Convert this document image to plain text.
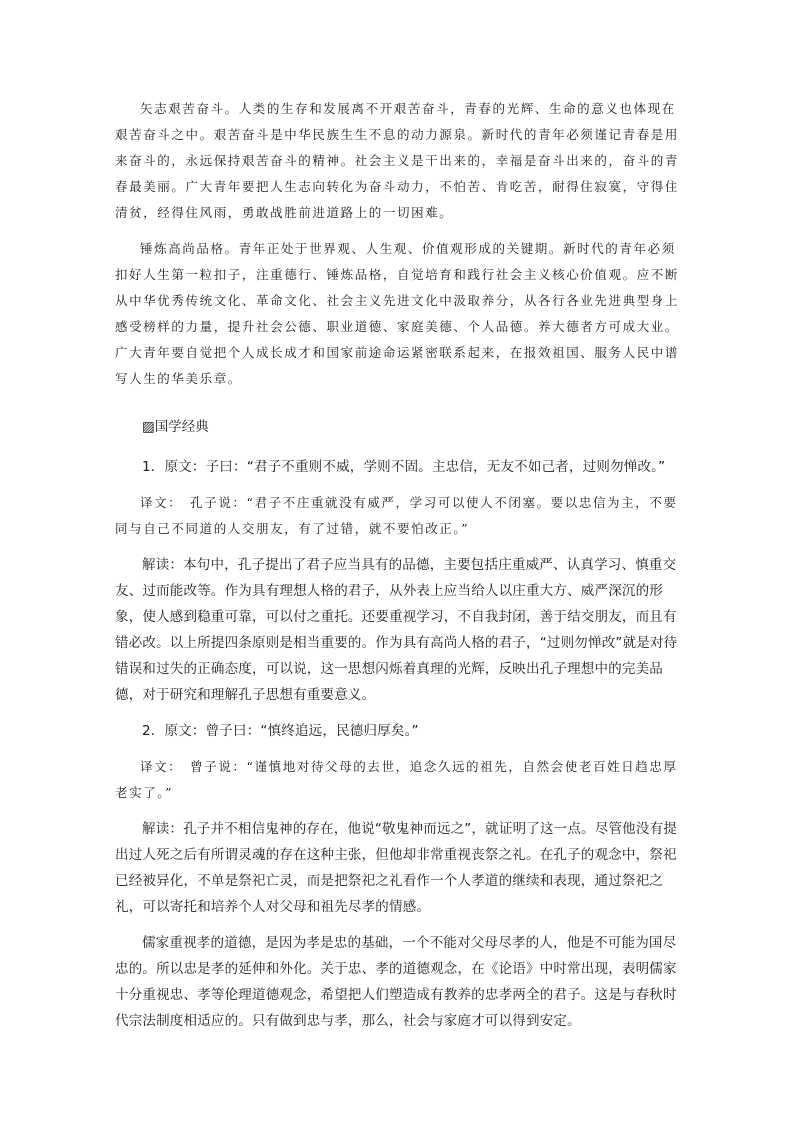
矢志艰苦奋斗。人类的生存和发展离不开艰苦奋斗，青春的光辉、生命的意义也体现在艰苦奋斗之中。艰苦奋斗是中华民族生生不息的动力源泉。新时代的青年必须谨记青春是用来奋斗的，永远保持艰苦奋斗的精神。社会主义是干出来的，幸福是奋斗出来的，奋斗的青春最美丽。广大青年要把人生志向转化为奋斗动力，不怕苦、肯吃苦，耐得住寂寞，守得住清贫，经得住风雨，勇敢战胜前进道路上的一切困难。

锤炼高尚品格。青年正处于世界观、人生观、价值观形成的关键期。新时代的青年必须扣好人生第一粒扣子，注重德行、锤炼品格，自觉培育和践行社会主义核心价值观。应不断从中华优秀传统文化、革命文化、社会主义先进文化中汲取养分，从各行各业先进典型身上感受榜样的力量，提升社会公德、职业道德、家庭美德、个人品德。养大德者方可成大业。广大青年要自觉把个人成长成才和国家前途命运紧密联系起来，在报效祖国、服务人民中谱写人生的华美乐章。

▨国学经典

1．原文：子曰：“君子不重则不威，学则不固。主忠信，无友不如己者，过则勿惮改。”

译文：　孔子说：“君子不庄重就没有威严，学习可以使人不闭塞。要以忠信为主，不要同与自己不同道的人交朋友，有了过错，就不要怕改正。”

解读：本句中，孔子提出了君子应当具有的品德，主要包括庄重威严、认真学习、慎重交友、过而能改等。作为具有理想人格的君子，从外表上应当给人以庄重大方、威严深沉的形象，使人感到稳重可靠，可以付之重托。还要重视学习，不自我封闭，善于结交朋友，而且有错必改。以上所提四条原则是相当重要的。作为具有高尚人格的君子，“过则勿惮改”就是对待错误和过失的正确态度，可以说，这一思想闪烁着真理的光辉，反映出孔子理想中的完美品德，对于研究和理解孔子思想有重要意义。

2．原文：曾子曰：“慎终追远，民德归厚矣。”

译文：　曾子说：“谨慎地对待父母的去世，追念久远的祖先，自然会使老百姓日趋忠厚老实了。”

解读：孔子并不相信鬼神的存在，他说“敬鬼神而远之”，就证明了这一点。尽管他没有提出过人死之后有所谓灵魂的存在这种主张，但他却非常重视丧祭之礼。在孔子的观念中，祭祀已经被异化，不单是祭祀亡灵，而是把祭祀之礼看作一个人孝道的继续和表现，通过祭祀之礼，可以寄托和培养个人对父母和祖先尽孝的情感。

儒家重视孝的道德，是因为孝是忠的基础，一个不能对父母尽孝的人，他是不可能为国尽忠的。所以忠是孝的延伸和外化。关于忠、孝的道德观念，在《论语》中时常出现，表明儒家十分重视忠、孝等伦理道德观念，希望把人们塑造成有教养的忠孝两全的君子。这是与春秋时代宗法制度相适应的。只有做到忠与孝，那么，社会与家庭才可以得到安定。
